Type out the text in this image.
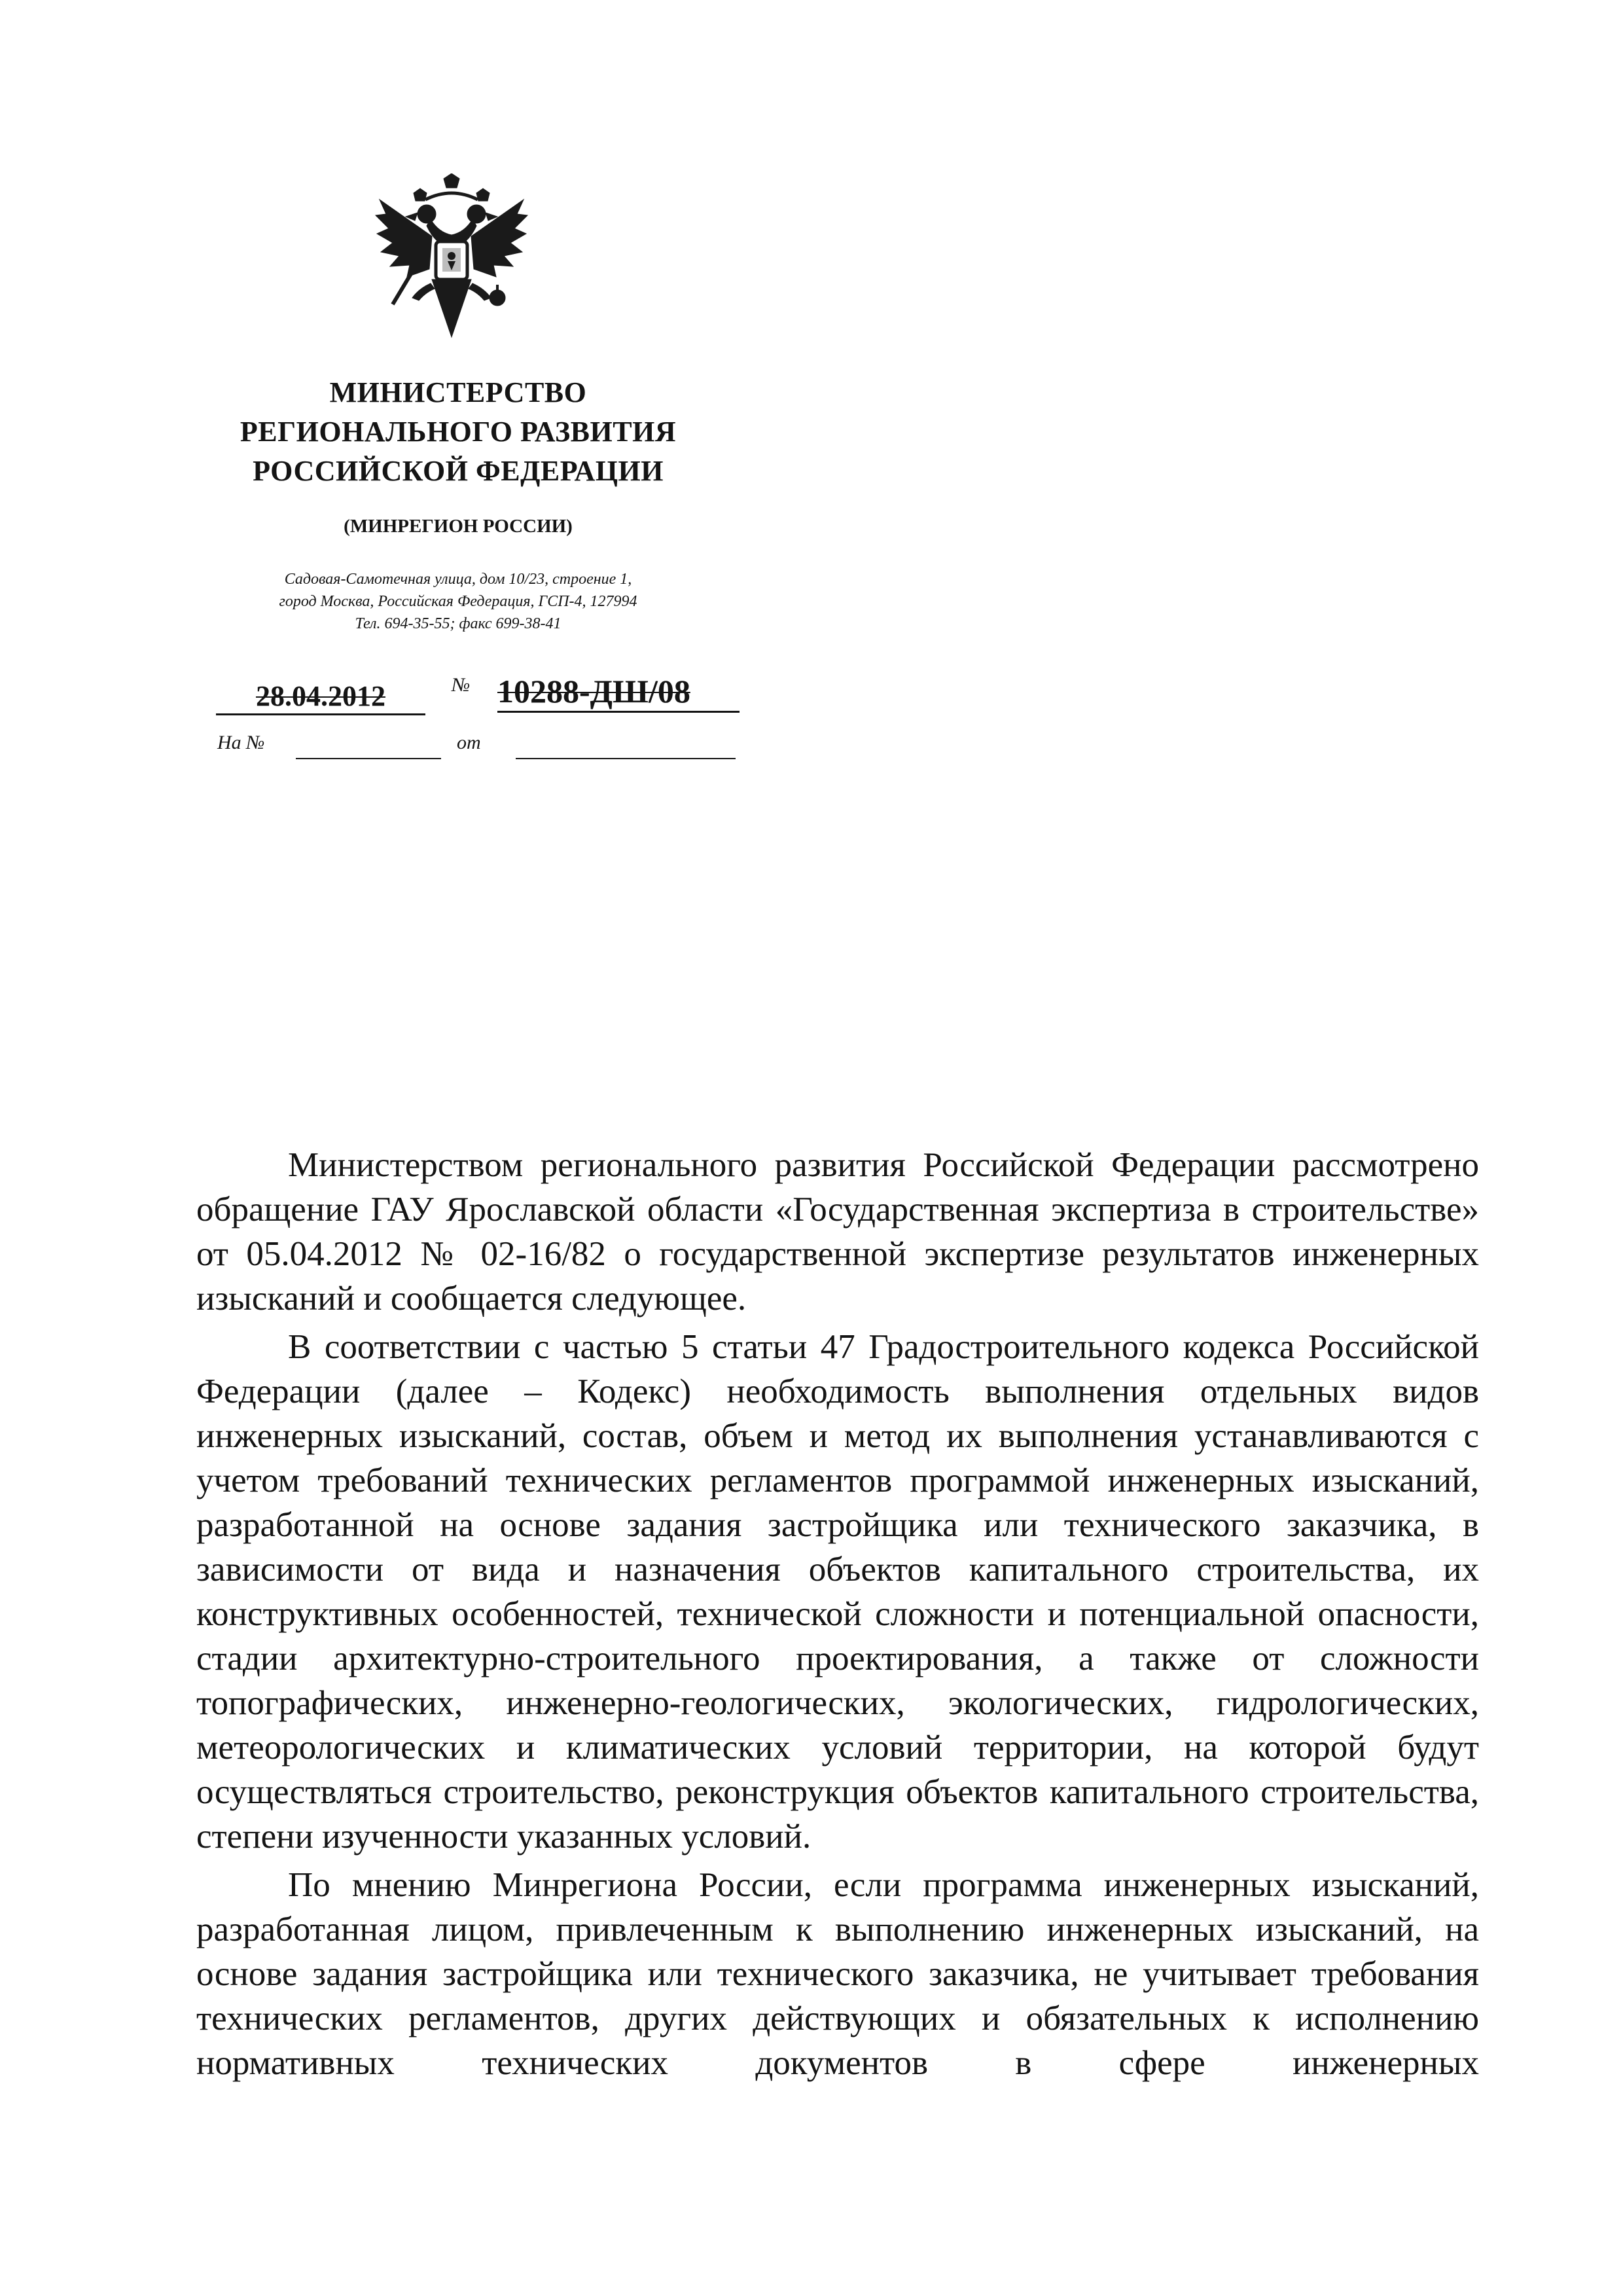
МИНИСТЕРСТВО
РЕГИОНАЛЬНОГО РАЗВИТИЯ
РОССИЙСКОЙ ФЕДЕРАЦИИ
(МИНРЕГИОН РОССИИ)
Садовая-Самотечная улица, дом 10/23, строение 1,
город Москва, Российская Федерация, ГСП-4, 127994
Тел. 694-35-55; факс 699-38-41
28.04.2012	№ 10288-ДШ/08
На №	от

Министерством регионального развития Российской Федерации рассмотрено обращение ГАУ Ярославской области «Государственная экспертиза в строительстве» от 05.04.2012 № 02-16/82 о государственной экспертизе результатов инженерных изысканий и сообщается следующее.

В соответствии с частью 5 статьи 47 Градостроительного кодекса Российской Федерации (далее – Кодекс) необходимость выполнения отдельных видов инженерных изысканий, состав, объем и метод их выполнения устанавливаются с учетом требований технических регламентов программой инженерных изысканий, разработанной на основе задания застройщика или технического заказчика, в зависимости от вида и назначения объектов капитального строительства, их конструктивных особенностей, технической сложности и потенциальной опасности, стадии архитектурно-строительного проектирования, а также от сложности топографических, инженерно-геологических, экологических, гидрологических, метеорологических и климатических условий территории, на которой будут осуществляться строительство, реконструкция объектов капитального строительства, степени изученности указанных условий.

По мнению Минрегиона России, если программа инженерных изысканий, разработанная лицом, привлеченным к выполнению инженерных изысканий, на основе задания застройщика или технического заказчика, не учитывает требования технических регламентов, других действующих и обязательных к исполнению нормативных технических документов в сфере инженерных
